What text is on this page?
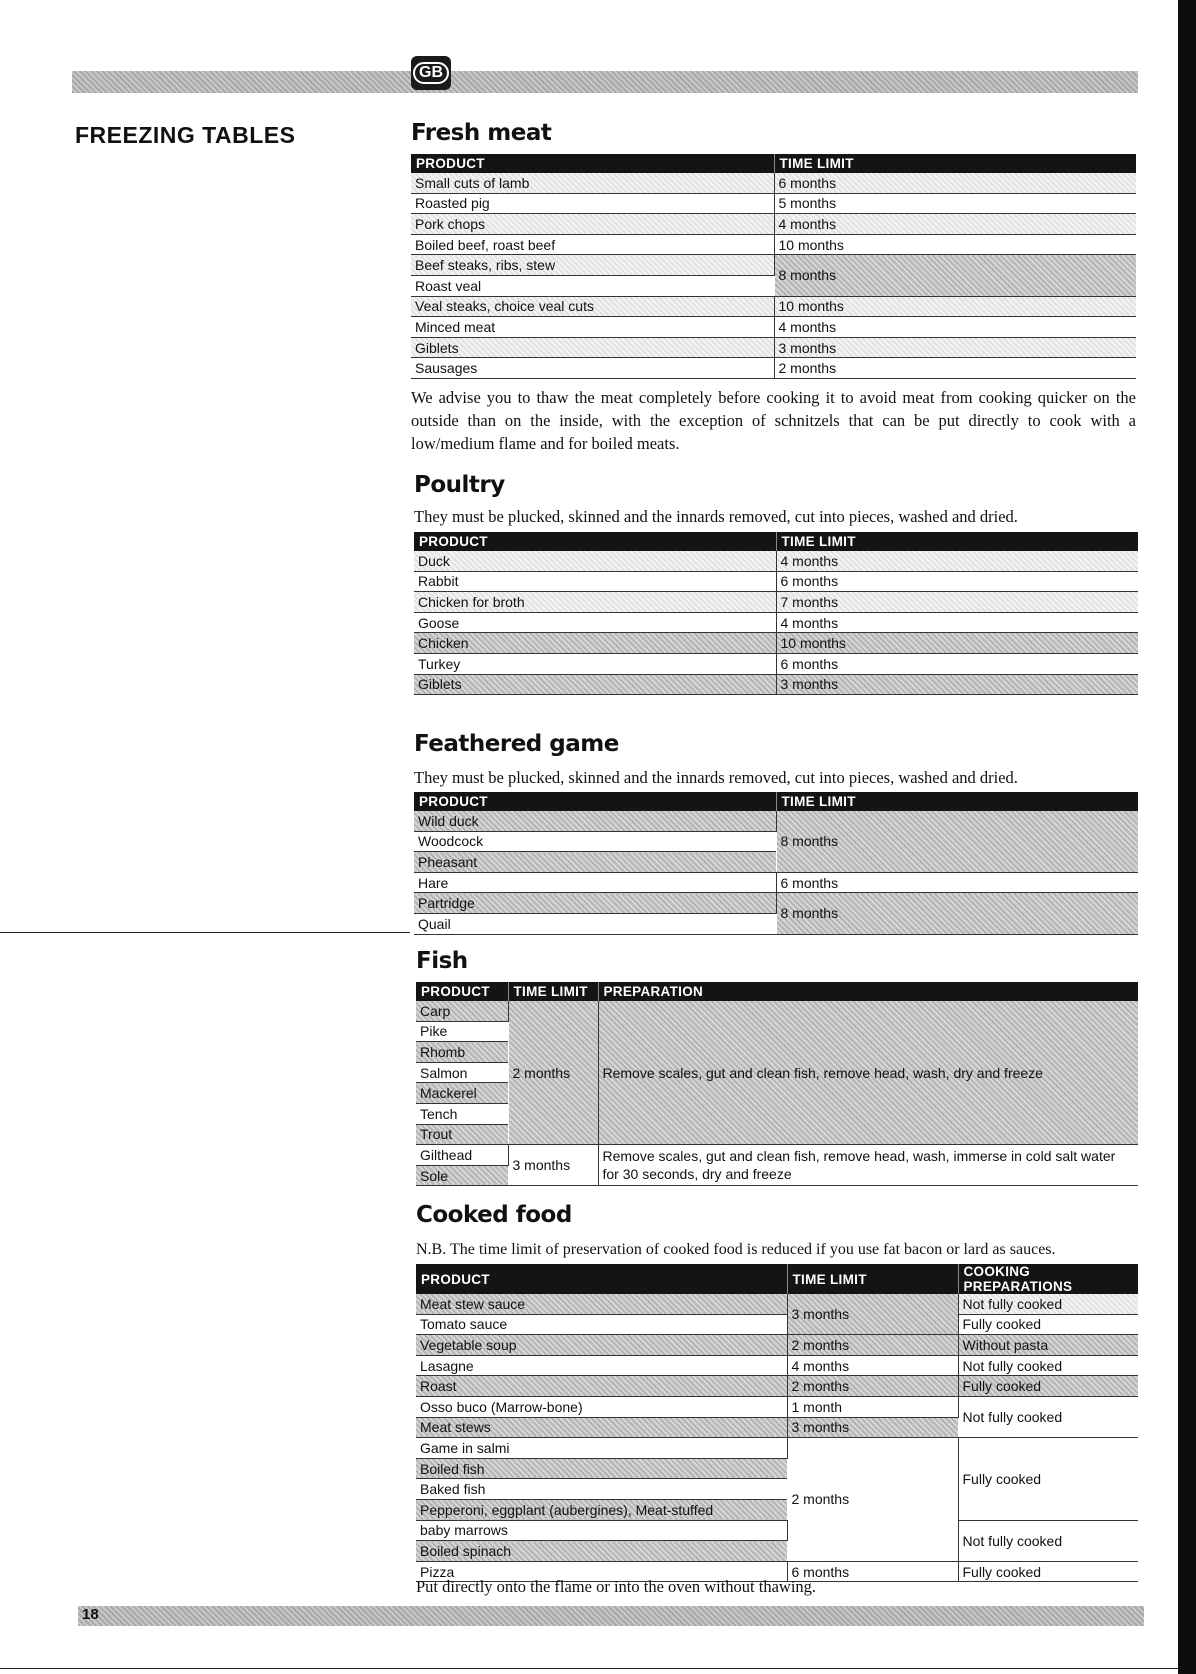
GB
FREEZING TABLES	Fresh meat
PRODUCT	TIME LIMIT
Small cuts of lamb	6 months
Roasted pig	5 months
Pork chops	4 months
Boiled beef, roast beef	10 months
Beef steaks, ribs, stew	8 months
Roast veal	
Veal steaks, choice veal cuts	10 months
Minced meat	4 months
Giblets	3 months
Sausages	2 months
We advise you to thaw the meat completely before cooking it to avoid meat from cooking quicker on the outside than on the inside, with the exception of schnitzels that can be put directly to cook with a low/medium flame and for boiled meats.
Poultry
They must be plucked, skinned and the innards removed, cut into pieces, washed and dried.
PRODUCT	TIME LIMIT
Duck	4 months
Rabbit	6 months
Chicken for broth	7 months
Goose	4 months
Chicken	10 months
Turkey	6 months
Giblets	3 months
Feathered game
They must be plucked, skinned and the innards removed, cut into pieces, washed and dried.
PRODUCT	TIME LIMIT
Wild duck	8 months
Woodcock	
Pheasant	
Hare	6 months
Partridge	8 months
Quail	
Fish
PRODUCT	TIME LIMIT	PREPARATION
Carp	2 months	Remove scales, gut and clean fish, remove head, wash, dry and freeze
Pike		
Rhomb		
Salmon		
Mackerel		
Tench		
Trout		
Gilthead	3 months	Remove scales, gut and clean fish, remove head, wash, immerse in cold salt water for 30 seconds, dry and freeze
Sole		
Cooked food
N.B. The time limit of preservation of cooked food is reduced if you use fat bacon or lard as sauces.
PRODUCT	TIME LIMIT	COOKING PREPARATIONS
Meat stew sauce	3 months	Not fully cooked
Tomato sauce		Fully cooked
Vegetable soup	2 months	Without pasta
Lasagne	4 months	Not fully cooked
Roast	2 months	Fully cooked
Osso buco (Marrow-bone)	1 month	Not fully cooked
Meat stews	3 months	
Game in salmi	2 months	Fully cooked
Boiled fish		
Baked fish		
Pepperoni, eggplant (aubergines), Meat-stuffed		
baby marrows		Not fully cooked
Boiled spinach		
Pizza	6 months	Fully cooked
Put directly onto the flame or into the oven without thawing.
18
